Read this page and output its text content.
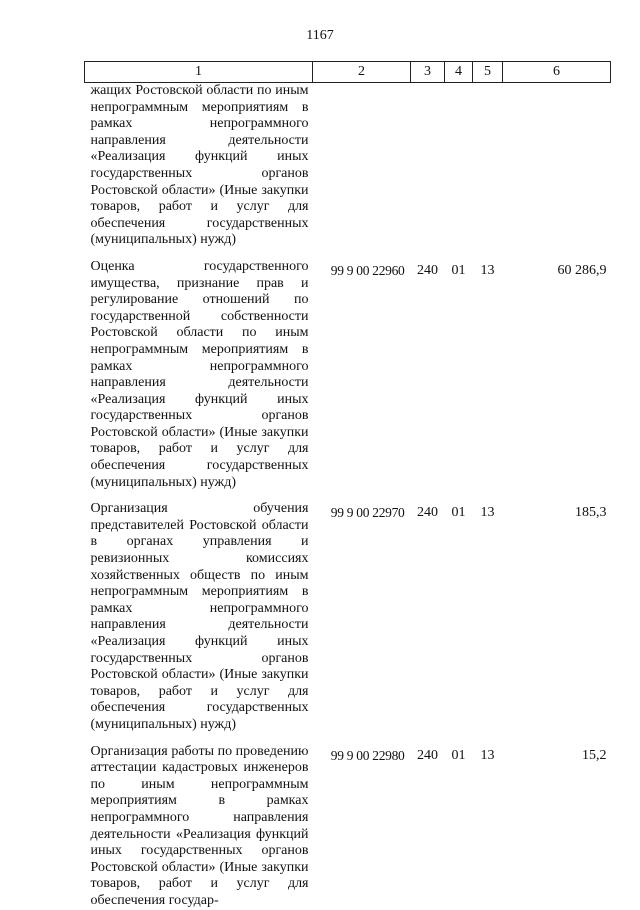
1167
1	2	3	4	5	6

жащих Ростовской области по иным непрограммным мероприятиям в рамках непрограммного направления деятельности «Реализация функций иных государственных органов Ростовской области» (Иные закупки товаров, работ и услуг для обеспечения государственных (муниципальных) нужд)					

Оценка государственного имущества, признание прав и регулирование отношений по государственной собственности Ростовской области по иным непрограммным мероприятиям в рамках непрограммного направления деятельности «Реализация функций иных государственных органов Ростовской области» (Иные закупки товаров, работ и услуг для обеспечения государственных (муниципальных) нужд)	99 9 00 22960	240	01	13	60 286,9

Организация обучения представителей Ростовской области в органах управления и ревизионных комиссиях хозяйственных обществ по иным непрограммным мероприятиям в рамках непрограммного направления деятельности «Реализация функций иных государственных органов Ростовской области» (Иные закупки товаров, работ и услуг для обеспечения государственных (муниципальных) нужд)	99 9 00 22970	240	01	13	185,3

Организация работы по проведению аттестации кадастровых инженеров по иным непрограммным мероприятиям в рамках непрограммного направления деятельности «Реализация функций иных государственных органов Ростовской области» (Иные закупки товаров, работ и услуг для обеспечения государ-	99 9 00 22980	240	01	13	15,2
